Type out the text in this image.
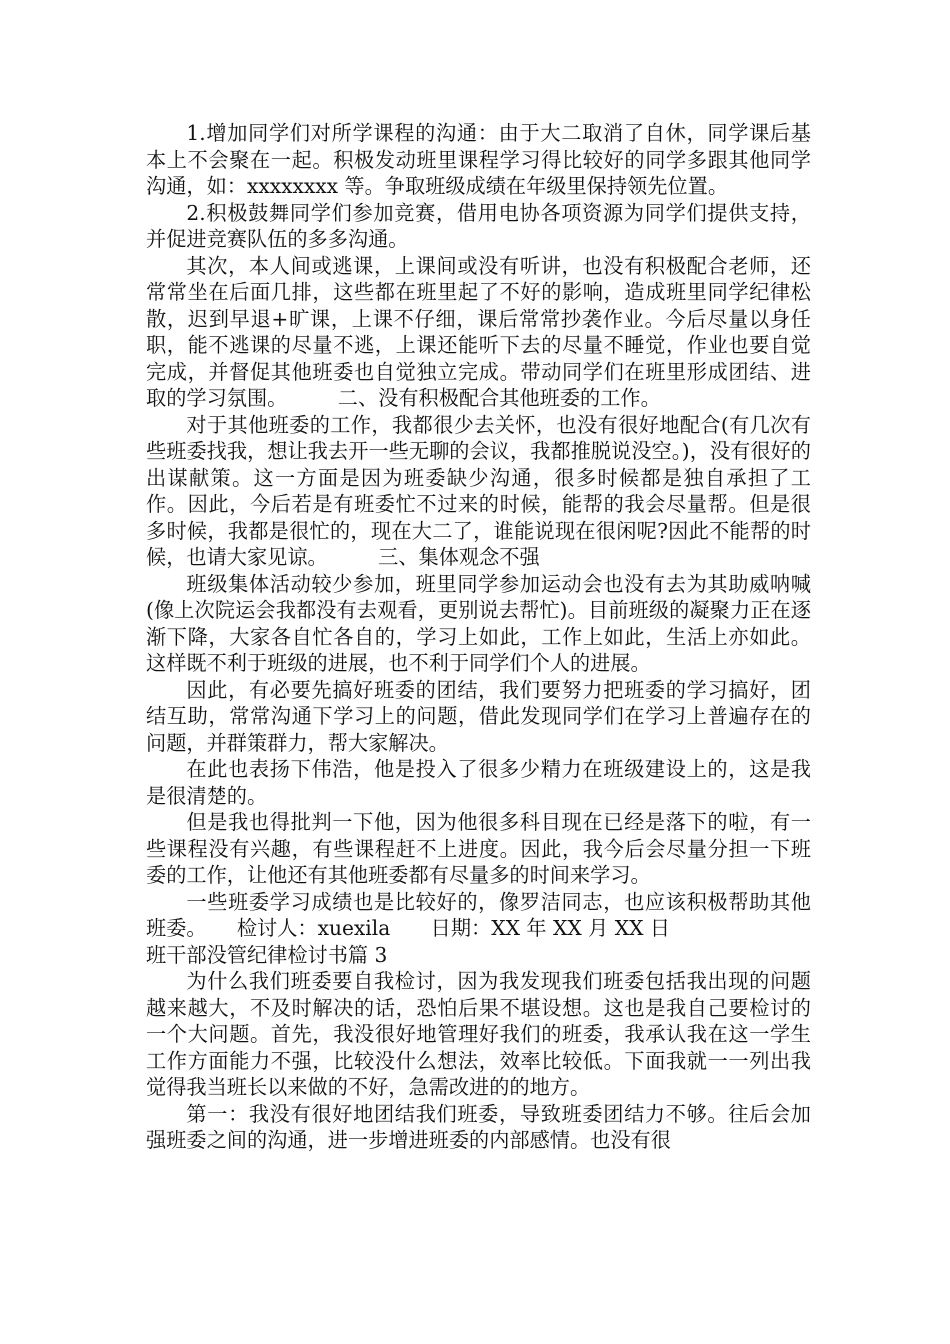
1.增加同学们对所学课程的沟通：由于大二取消了自休，同学课后基本上不会聚在一起。积极发动班里课程学习得比较好的同学多跟其他同学沟通，如：xxxxxxxx 等。争取班级成绩在年级里保持领先位置。

2.积极鼓舞同学们参加竞赛，借用电协各项资源为同学们提供支持，并促进竞赛队伍的多多沟通。

其次，本人间或逃课，上课间或没有听讲，也没有积极配合老师，还常常坐在后面几排，这些都在班里起了不好的影响，造成班里同学纪律松散，迟到早退+旷课，上课不仔细，课后常常抄袭作业。今后尽量以身任职，能不逃课的尽量不逃，上课还能听下去的尽量不睡觉，作业也要自觉完成，并督促其他班委也自觉独立完成。带动同学们在班里形成团结、进取的学习氛围。　　　二、没有积极配合其他班委的工作。

对于其他班委的工作，我都很少去关怀，也没有很好地配合(有几次有些班委找我，想让我去开一些无聊的会议，我都推脱说没空。)，没有很好的出谋献策。这一方面是因为班委缺少沟通，很多时候都是独自承担了工作。因此，今后若是有班委忙不过来的时候，能帮的我会尽量帮。但是很多时候，我都是很忙的，现在大二了，谁能说现在很闲呢?因此不能帮的时候，也请大家见谅。　　　三、集体观念不强

班级集体活动较少参加，班里同学参加运动会也没有去为其助威呐喊(像上次院运会我都没有去观看，更别说去帮忙)。目前班级的凝聚力正在逐渐下降，大家各自忙各自的，学习上如此，工作上如此，生活上亦如此。这样既不利于班级的进展，也不利于同学们个人的进展。

因此，有必要先搞好班委的团结，我们要努力把班委的学习搞好，团结互助，常常沟通下学习上的问题，借此发现同学们在学习上普遍存在的问题，并群策群力，帮大家解决。

在此也表扬下伟浩，他是投入了很多少精力在班级建设上的，这是我是很清楚的。

但是我也得批判一下他，因为他很多科目现在已经是落下的啦，有一些课程没有兴趣，有些课程赶不上进度。因此，我今后会尽量分担一下班委的工作，让他还有其他班委都有尽量多的时间来学习。

一些班委学习成绩也是比较好的，像罗洁同志，也应该积极帮助其他班委。　　检讨人：xuexila　　日期：XX 年 XX 月 XX 日

班干部没管纪律检讨书篇 3

为什么我们班委要自我检讨，因为我发现我们班委包括我出现的问题越来越大，不及时解决的话，恐怕后果不堪设想。这也是我自己要检讨的一个大问题。首先，我没很好地管理好我们的班委，我承认我在这一学生工作方面能力不强，比较没什么想法，效率比较低。下面我就一一列出我觉得我当班长以来做的不好，急需改进的的地方。

第一：我没有很好地团结我们班委，导致班委团结力不够。往后会加强班委之间的沟通，进一步增进班委的内部感情。也没有很
